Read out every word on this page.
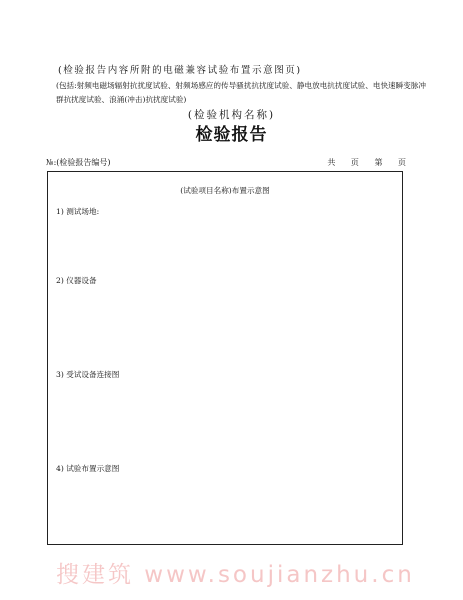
(检验报告内容所附的电磁兼容试验布置示意图页)
(包括:射频电磁场辐射抗扰度试验、射频场感应的传导骚扰抗扰度试验、静电放电抗扰度试验、电快速瞬变脉冲群抗扰度试验、浪涌(冲击)抗扰度试验)
(检验机构名称)
检验报告
№:(检验报告编号)	共 页 第 页
(试验项目名称)布置示意图
1) 测试场地:
2) 仪器设备
3) 受试设备连接图
4) 试验布置示意图
搜建筑 www.soujianzhu.cn
